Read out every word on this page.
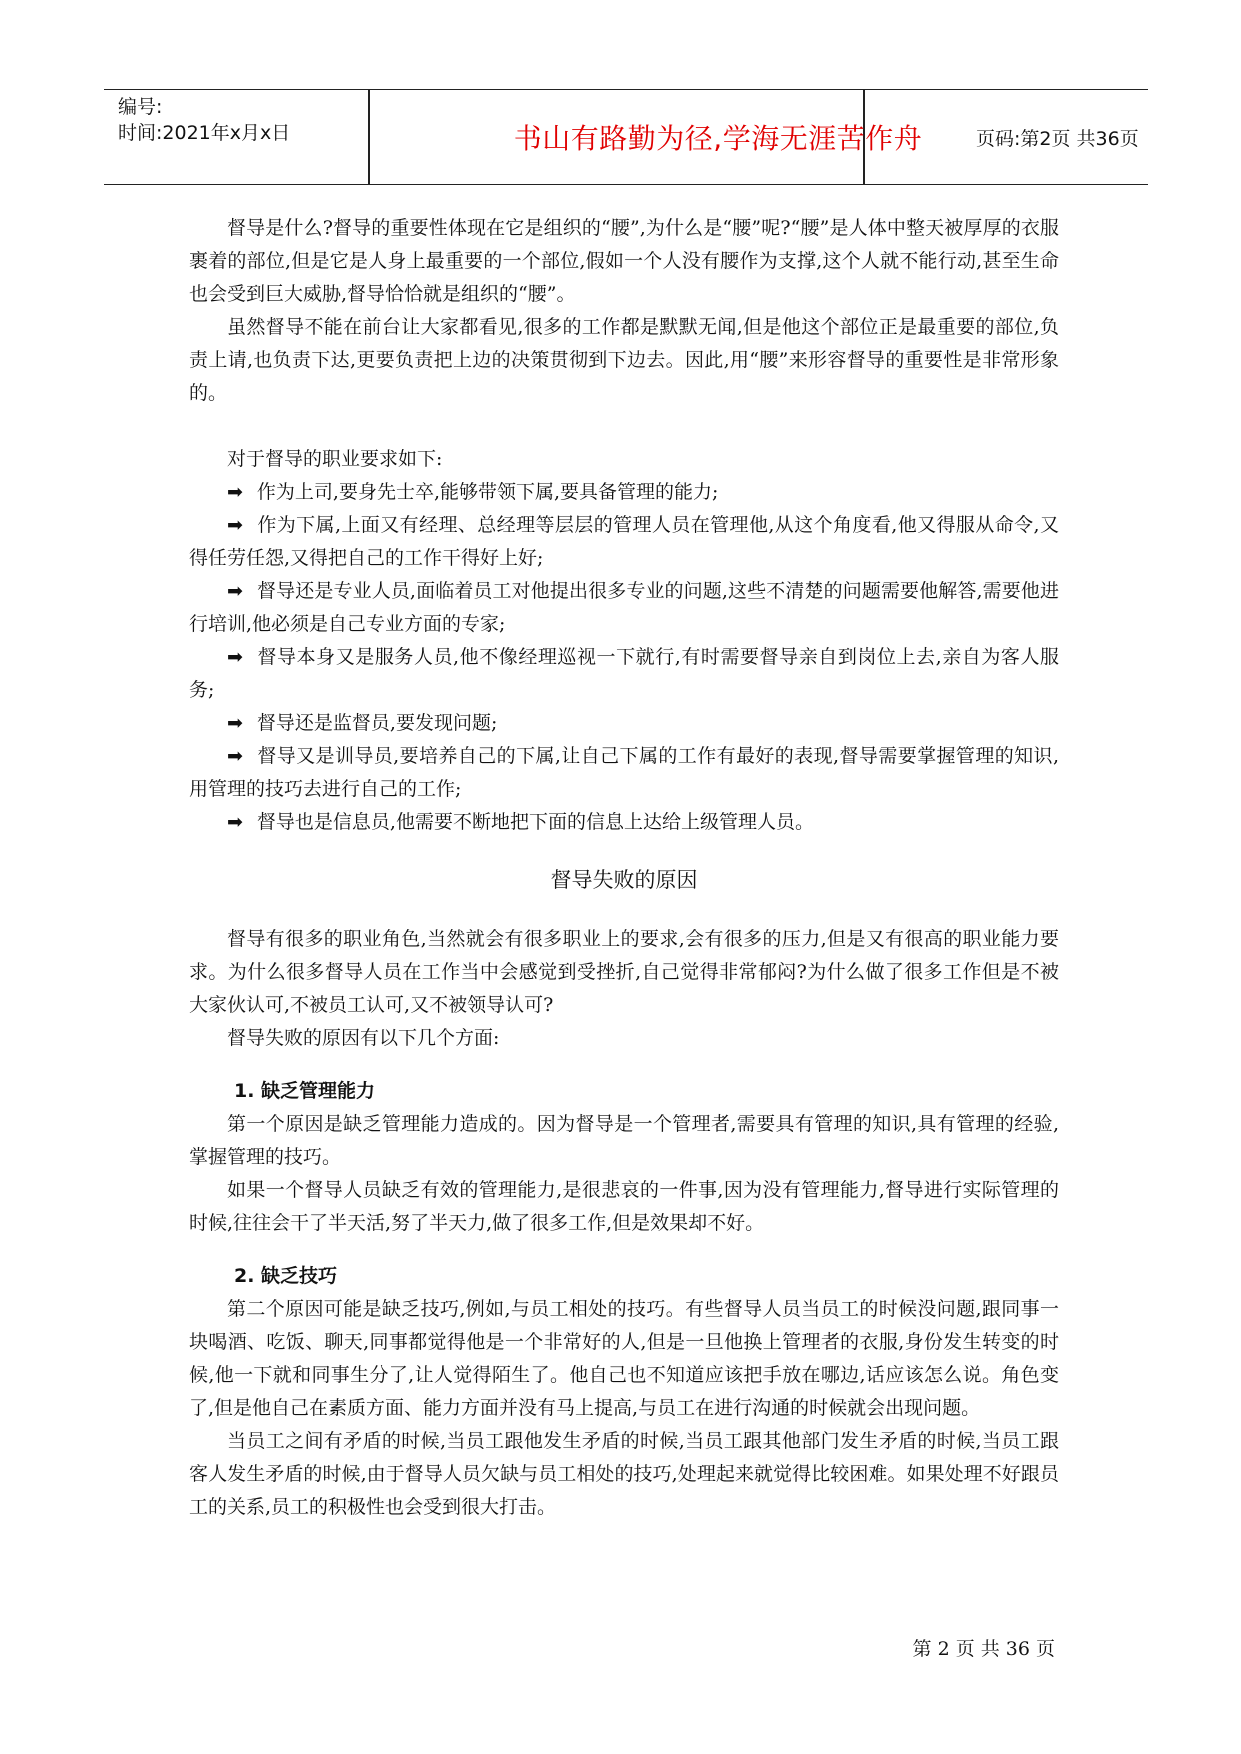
编号:
时间:2021年x月x日	书山有路勤为径,学海无涯苦作舟	页码:第2页 共36页

督导是什么?督导的重要性体现在它是组织的“腰”,为什么是“腰”呢?“腰”是人体中整天被厚厚的衣服裹着的部位,但是它是人身上最重要的一个部位,假如一个人没有腰作为支撑,这个人就不能行动,甚至生命也会受到巨大威胁,督导恰恰就是组织的“腰”。

虽然督导不能在前台让大家都看见,很多的工作都是默默无闻,但是他这个部位正是最重要的部位,负责上请,也负责下达,更要负责把上边的决策贯彻到下边去。因此,用“腰”来形容督导的重要性是非常形象的。

对于督导的职业要求如下:

➡ 作为上司,要身先士卒,能够带领下属,要具备管理的能力;

➡ 作为下属,上面又有经理、总经理等层层的管理人员在管理他,从这个角度看,他又得服从命令,又得任劳任怨,又得把自己的工作干得好上好;

➡ 督导还是专业人员,面临着员工对他提出很多专业的问题,这些不清楚的问题需要他解答,需要他进行培训,他必须是自己专业方面的专家;

➡ 督导本身又是服务人员,他不像经理巡视一下就行,有时需要督导亲自到岗位上去,亲自为客人服务;

➡ 督导还是监督员,要发现问题;

➡ 督导又是训导员,要培养自己的下属,让自己下属的工作有最好的表现,督导需要掌握管理的知识,用管理的技巧去进行自己的工作;

➡ 督导也是信息员,他需要不断地把下面的信息上达给上级管理人员。

督导失败的原因

督导有很多的职业角色,当然就会有很多职业上的要求,会有很多的压力,但是又有很高的职业能力要求。为什么很多督导人员在工作当中会感觉到受挫折,自己觉得非常郁闷?为什么做了很多工作但是不被大家伙认可,不被员工认可,又不被领导认可?

督导失败的原因有以下几个方面:

1. 缺乏管理能力

第一个原因是缺乏管理能力造成的。因为督导是一个管理者,需要具有管理的知识,具有管理的经验,掌握管理的技巧。

如果一个督导人员缺乏有效的管理能力,是很悲哀的一件事,因为没有管理能力,督导进行实际管理的时候,往往会干了半天活,努了半天力,做了很多工作,但是效果却不好。

2. 缺乏技巧

第二个原因可能是缺乏技巧,例如,与员工相处的技巧。有些督导人员当员工的时候没问题,跟同事一块喝酒、吃饭、聊天,同事都觉得他是一个非常好的人,但是一旦他换上管理者的衣服,身份发生转变的时候,他一下就和同事生分了,让人觉得陌生了。他自己也不知道应该把手放在哪边,话应该怎么说。角色变了,但是他自己在素质方面、能力方面并没有马上提高,与员工在进行沟通的时候就会出现问题。

当员工之间有矛盾的时候,当员工跟他发生矛盾的时候,当员工跟其他部门发生矛盾的时候,当员工跟客人发生矛盾的时候,由于督导人员欠缺与员工相处的技巧,处理起来就觉得比较困难。如果处理不好跟员工的关系,员工的积极性也会受到很大打击。

第 2 页 共 36 页
